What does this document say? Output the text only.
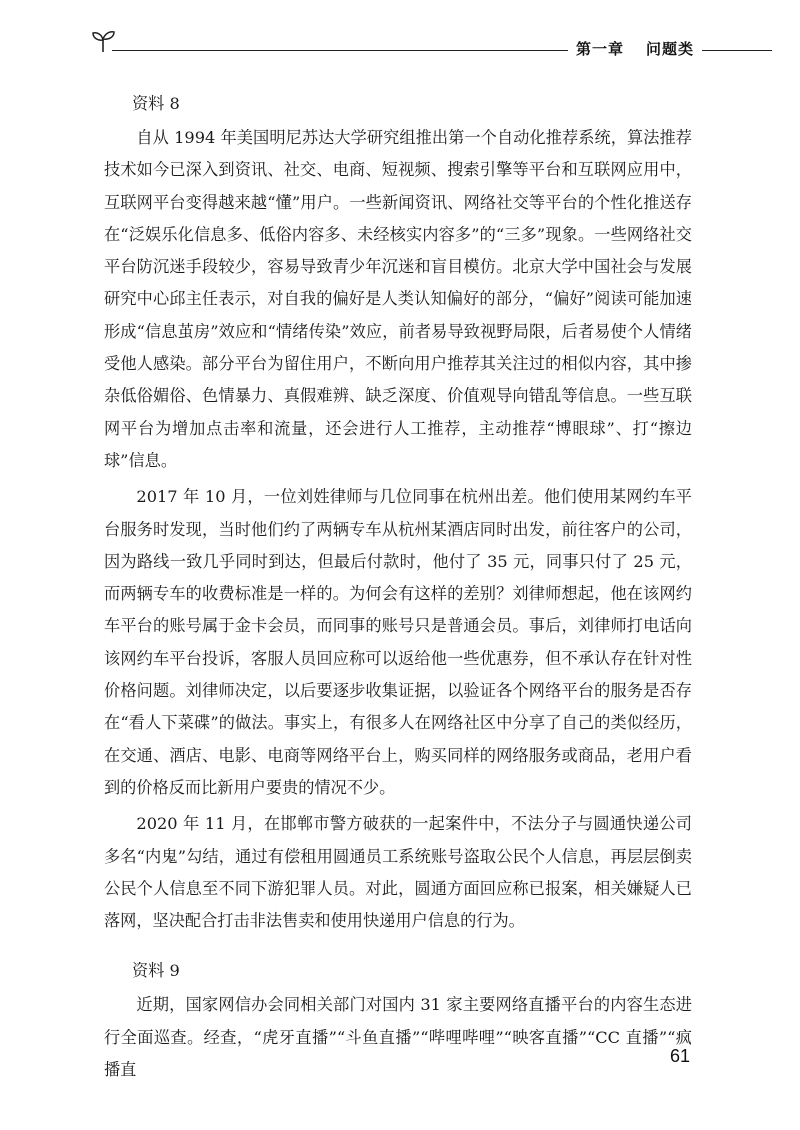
第一章 问题类

资料 8

自从 1994 年美国明尼苏达大学研究组推出第一个自动化推荐系统，算法推荐技术如今已深入到资讯、社交、电商、短视频、搜索引擎等平台和互联网应用中，互联网平台变得越来越“懂”用户。一些新闻资讯、网络社交等平台的个性化推送存在“泛娱乐化信息多、低俗内容多、未经核实内容多”的“三多”现象。一些网络社交平台防沉迷手段较少，容易导致青少年沉迷和盲目模仿。北京大学中国社会与发展研究中心邱主任表示，对自我的偏好是人类认知偏好的部分，“偏好”阅读可能加速形成“信息茧房”效应和“情绪传染”效应，前者易导致视野局限，后者易使个人情绪受他人感染。部分平台为留住用户，不断向用户推荐其关注过的相似内容，其中掺杂低俗媚俗、色情暴力、真假难辨、缺乏深度、价值观导向错乱等信息。一些互联网平台为增加点击率和流量，还会进行人工推荐，主动推荐“博眼球”、打“擦边球”信息。

2017 年 10 月，一位刘姓律师与几位同事在杭州出差。他们使用某网约车平台服务时发现，当时他们约了两辆专车从杭州某酒店同时出发，前往客户的公司，因为路线一致几乎同时到达，但最后付款时，他付了 35 元，同事只付了 25 元，而两辆专车的收费标准是一样的。为何会有这样的差别？刘律师想起，他在该网约车平台的账号属于金卡会员，而同事的账号只是普通会员。事后，刘律师打电话向该网约车平台投诉，客服人员回应称可以返给他一些优惠券，但不承认存在针对性价格问题。刘律师决定，以后要逐步收集证据，以验证各个网络平台的服务是否存在“看人下菜碟”的做法。事实上，有很多人在网络社区中分享了自己的类似经历，在交通、酒店、电影、电商等网络平台上，购买同样的网络服务或商品，老用户看到的价格反而比新用户要贵的情况不少。

2020 年 11 月，在邯郸市警方破获的一起案件中，不法分子与圆通快递公司多名“内鬼”勾结，通过有偿租用圆通员工系统账号盗取公民个人信息，再层层倒卖公民个人信息至不同下游犯罪人员。对此，圆通方面回应称已报案，相关嫌疑人已落网，坚决配合打击非法售卖和使用快递用户信息的行为。

资料 9

近期，国家网信办会同相关部门对国内 31 家主要网络直播平台的内容生态进行全面巡查。经查，“虎牙直播”“斗鱼直播”“哔哩哔哩”“映客直播”“CC 直播”“疯播直

61
